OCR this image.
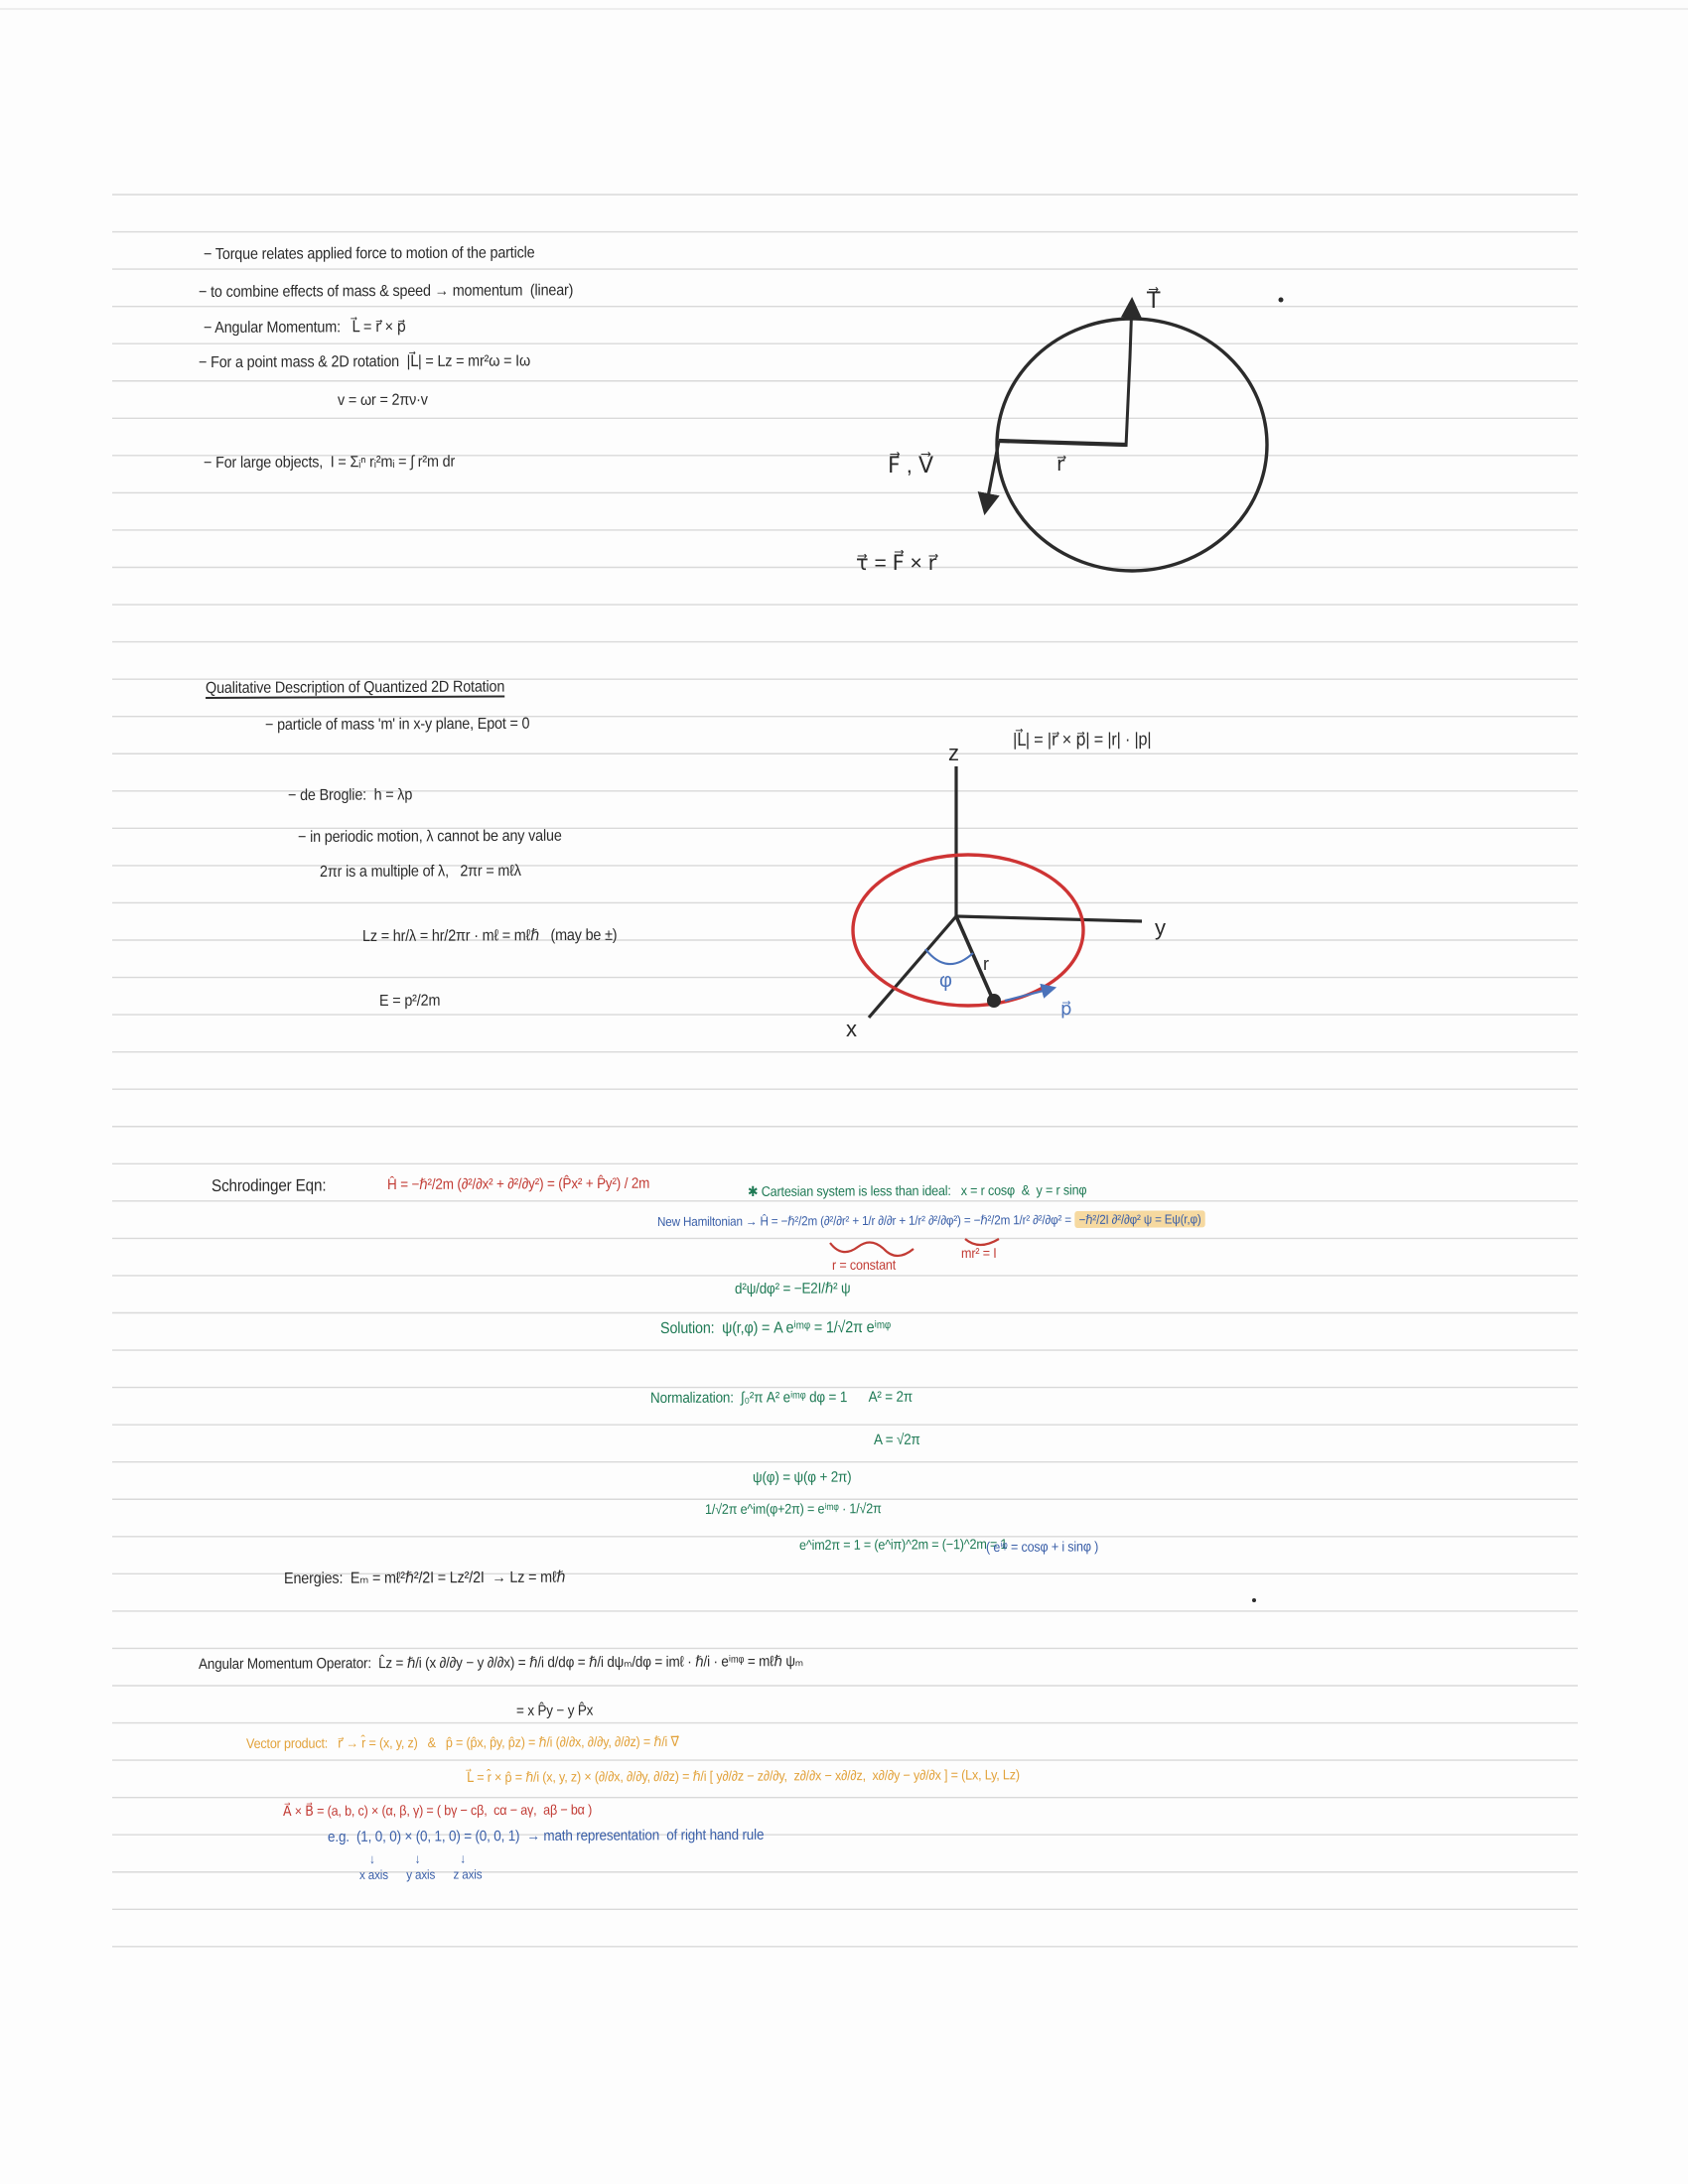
− Torque relates applied force to motion of the particle
− to combine effects of mass & speed → momentum  (linear)
− Angular Momentum:   L⃗ = r⃗ × p⃗
− For a point mass & 2D rotation  |L⃗| = Lz = mr²ω = Iω
v = ωr = 2πν·v
− For large objects,  I = Σᵢⁿ rᵢ²mᵢ = ∫ r²m dr
Qualitative Description of Quantized 2D Rotation
− particle of mass 'm' in x-y plane, Epot = 0
− de Broglie:  h = λp
− in periodic motion, λ cannot be any value
2πr is a multiple of λ,   2πr = mℓλ
Lz = hr/λ = hr/2πr · mℓ = mℓℏ   (may be ±)
E = p²/2m
|L⃗| = |r⃗ × p⃗| = |r| · |p|
Schrodinger Eqn:	Ĥ = −ℏ²/2m (∂²/∂x² + ∂²/∂y²) = (P̂x² + P̂y²) / 2m	✱ Cartesian system is less than ideal:   x = r cosφ  &  y = r sinφ
New Hamiltonian → Ĥ = −ℏ²/2m (∂²/∂r² + 1/r ∂/∂r + 1/r² ∂²/∂φ²) = −ℏ²/2m 1/r² ∂²/∂φ² = −ℏ²/2I ∂²/∂φ² ψ = Eψ(r,φ)
r = constant
mr² = I
d²ψ/dφ² = −E2I/ℏ² ψ
Solution:  ψ(r,φ) = A eⁱᵐᵠ = 1/√2π eⁱᵐᵠ
Normalization:  ∫₀²π A² eⁱᵐᵠ dφ = 1      A² = 2π
A = √2π
ψ(φ) = ψ(φ + 2π)
1/√2π e^im(φ+2π) = eⁱᵐᵠ · 1/√2π
e^im2π = 1 = (e^iπ)^2m = (−1)^2m = 1
( eⁱᵠ = cosφ + i sinφ )
Energies:  Eₘ = mℓ²ℏ²/2I = Lz²/2I  → Lz = mℓℏ
Angular Momentum Operator:  L̂z = ℏ/i (x ∂/∂y − y ∂/∂x) = ℏ/i d/dφ = ℏ/i dψₘ/dφ = imℓ · ℏ/i · eⁱᵐᵠ = mℓℏ ψₘ
= x P̂y − y P̂x
Vector product:   r⃗ → r̂ = (x, y, z)   &   p̂ = (p̂x, p̂y, p̂z) = ℏ/i (∂/∂x, ∂/∂y, ∂/∂z) = ℏ/i ∇⃗
L⃗ = r̂ × p̂ = ℏ/i (x, y, z) × (∂/∂x, ∂/∂y, ∂/∂z) = ℏ/i [ y∂/∂z − z∂/∂y,  z∂/∂x − x∂/∂z,  x∂/∂y − y∂/∂x ] = (Lx, Ly, Lz)
A⃗ × B⃗ = (a, b, c) × (α, β, γ) = ( bγ − cβ,  cα − aγ,  aβ − bα )
e.g.  (1, 0, 0) × (0, 1, 0) = (0, 0, 1)  → math representation  of right hand rule
↓             ↓             ↓
x axis      y axis      z axis
T⃗
r⃗
F⃗ , V⃗
τ⃗ = F⃗ × r⃗
z
y
x
φ
r
p⃗
